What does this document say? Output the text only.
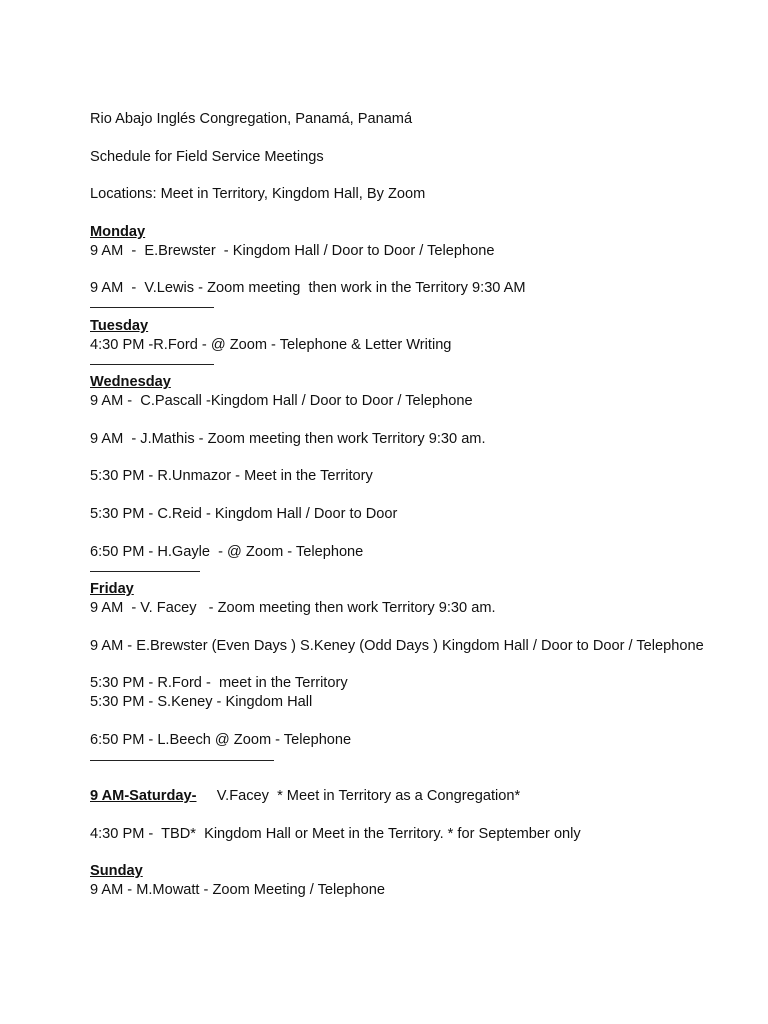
Rio Abajo Inglés Congregation, Panamá, Panamá
Schedule for Field Service Meetings
Locations: Meet in Territory, Kingdom Hall, By Zoom
Monday
9 AM  -  E.Brewster  - Kingdom Hall / Door to Door / Telephone
9 AM  -  V.Lewis - Zoom meeting  then work in the Territory 9:30 AM
Tuesday
4:30 PM -R.Ford - @ Zoom - Telephone & Letter Writing
Wednesday
9 AM -  C.Pascall -Kingdom Hall / Door to Door / Telephone
9 AM  - J.Mathis - Zoom meeting then work Territory 9:30 am.
5:30 PM - R.Unmazor - Meet in the Territory
5:30 PM - C.Reid - Kingdom Hall / Door to Door
6:50 PM - H.Gayle  - @ Zoom - Telephone
Friday
9 AM  - V. Facey   - Zoom meeting then work Territory 9:30 am.
9 AM - E.Brewster (Even Days ) S.Keney (Odd Days ) Kingdom Hall / Door to Door / Telephone
5:30 PM - R.Ford -  meet in the Territory
5:30 PM - S.Keney - Kingdom Hall
6:50 PM - L.Beech @ Zoom - Telephone
9 AM-Saturday-     V.Facey  * Meet in Territory as a Congregation*
4:30 PM -  TBD*  Kingdom Hall or Meet in the Territory. * for September only
Sunday
9 AM - M.Mowatt - Zoom Meeting / Telephone
